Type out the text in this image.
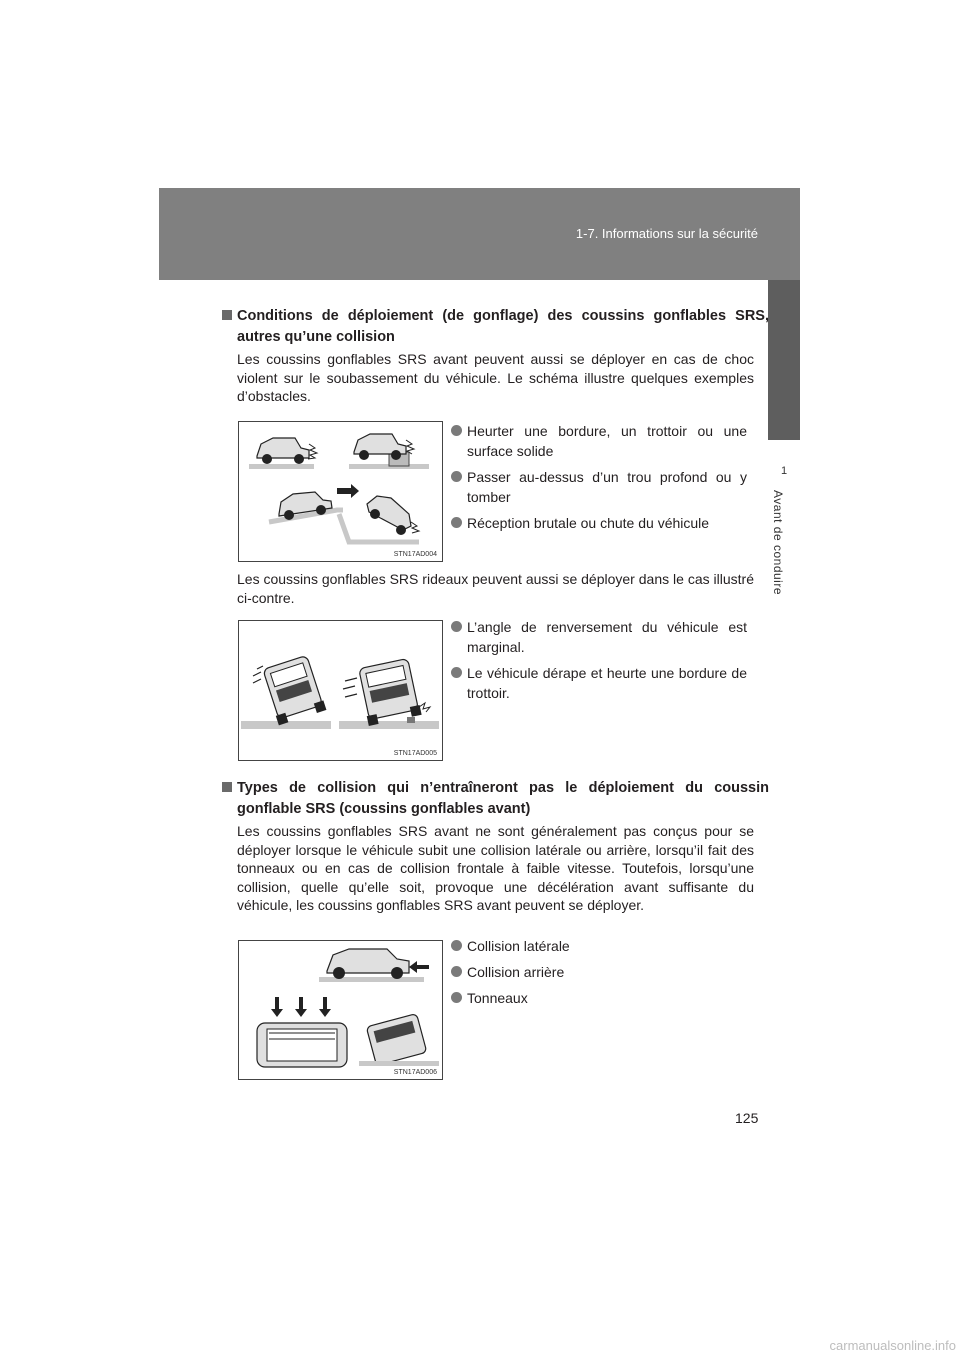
1-7. Informations sur la sécurité
1
Avant de conduire
Conditions de déploiement (de gonflage) des coussins gonflables SRS, autres qu’une collision
Les coussins gonflables SRS avant peuvent aussi se déployer en cas de choc violent sur le soubassement du véhicule. Le schéma illustre quelques exemples d’obstacles.
STN17AD004
Heurter une bordure, un trottoir ou une surface solide
Passer au-dessus d’un trou profond ou y tomber
Réception brutale ou chute du véhicule
Les coussins gonflables SRS rideaux peuvent aussi se déployer dans le cas illustré ci-contre.
STN17AD005
L’angle de renversement du véhicule est marginal.
Le véhicule dérape et heurte une bordure de trottoir.
Types de collision qui n’entraîneront pas le déploiement du coussin gonflable SRS (coussins gonflables avant)
Les coussins gonflables SRS avant ne sont généralement pas conçus pour se déployer lorsque le véhicule subit une collision latérale ou arrière, lorsqu’il fait des tonneaux ou en cas de collision frontale à faible vitesse. Toutefois, lorsqu’une collision, quelle qu’elle soit, provoque une décélération avant suffisante du véhicule, les coussins gonflables SRS avant peuvent se déployer.
STN17AD006
Collision latérale
Collision arrière
Tonneaux
125
carmanualsonline.info
